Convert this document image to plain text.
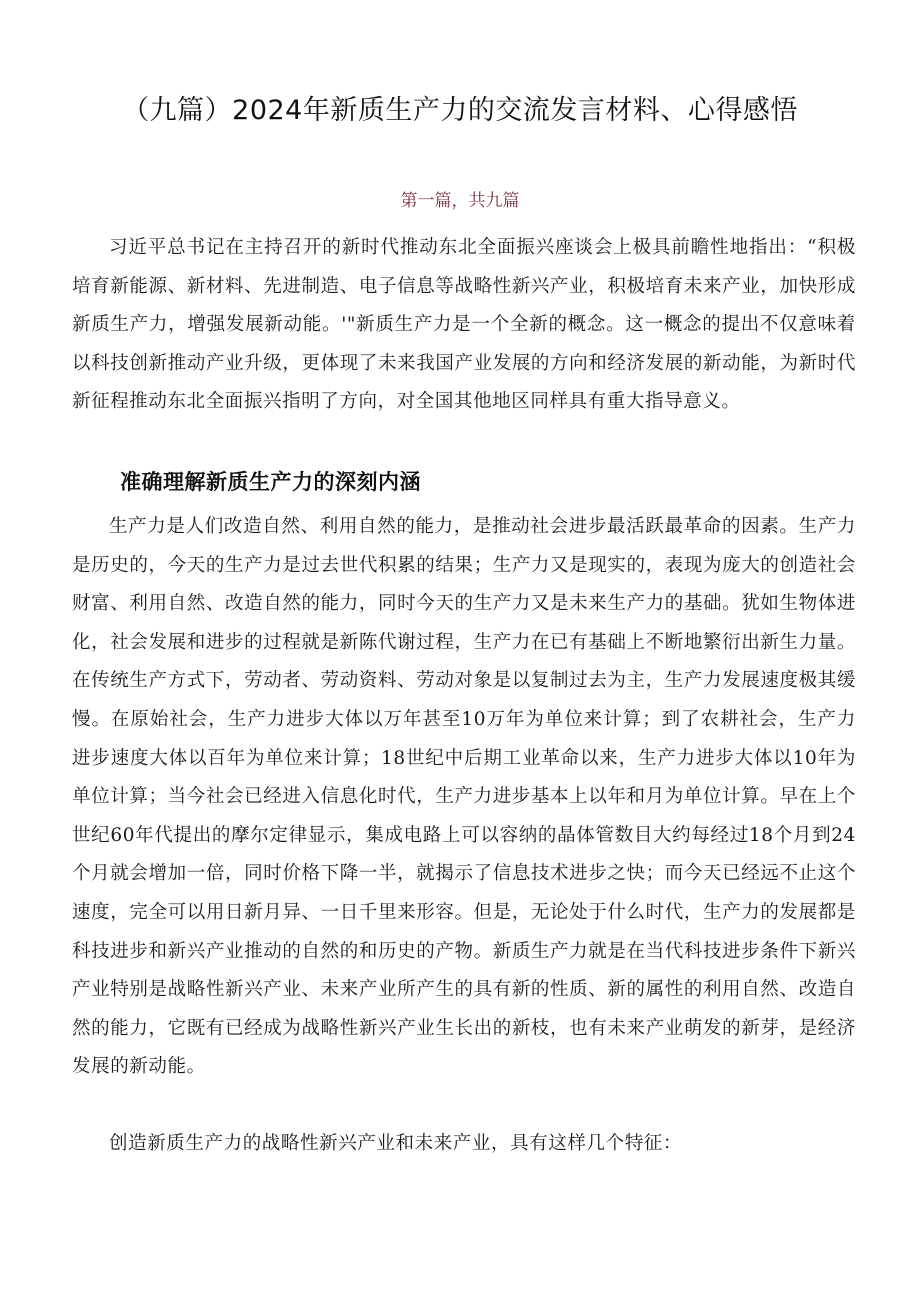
（九篇）2024年新质生产力的交流发言材料、心得感悟

第一篇，共九篇

习近平总书记在主持召开的新时代推动东北全面振兴座谈会上极具前瞻性地指出：“积极培育新能源、新材料、先进制造、电子信息等战略性新兴产业，积极培育未来产业，加快形成新质生产力，增强发展新动能。'"新质生产力是一个全新的概念。这一概念的提出不仅意味着以科技创新推动产业升级，更体现了未来我国产业发展的方向和经济发展的新动能，为新时代新征程推动东北全面振兴指明了方向，对全国其他地区同样具有重大指导意义。

准确理解新质生产力的深刻内涵

生产力是人们改造自然、利用自然的能力，是推动社会进步最活跃最革命的因素。生产力是历史的，今天的生产力是过去世代积累的结果；生产力又是现实的，表现为庞大的创造社会财富、利用自然、改造自然的能力，同时今天的生产力又是未来生产力的基础。犹如生物体进化，社会发展和进步的过程就是新陈代谢过程，生产力在已有基础上不断地繁衍出新生力量。在传统生产方式下，劳动者、劳动资料、劳动对象是以复制过去为主，生产力发展速度极其缓慢。在原始社会，生产力进步大体以万年甚至10万年为单位来计算；到了农耕社会，生产力进步速度大体以百年为单位来计算；18世纪中后期工业革命以来，生产力进步大体以10年为单位计算；当今社会已经进入信息化时代，生产力进步基本上以年和月为单位计算。早在上个世纪60年代提出的摩尔定律显示，集成电路上可以容纳的晶体管数目大约每经过18个月到24个月就会增加一倍，同时价格下降一半，就揭示了信息技术进步之快；而今天已经远不止这个速度，完全可以用日新月异、一日千里来形容。但是，无论处于什么时代，生产力的发展都是科技进步和新兴产业推动的自然的和历史的产物。新质生产力就是在当代科技进步条件下新兴产业特别是战略性新兴产业、未来产业所产生的具有新的性质、新的属性的利用自然、改造自然的能力，它既有已经成为战略性新兴产业生长出的新枝，也有未来产业萌发的新芽，是经济发展的新动能。

创造新质生产力的战略性新兴产业和未来产业，具有这样几个特征：
